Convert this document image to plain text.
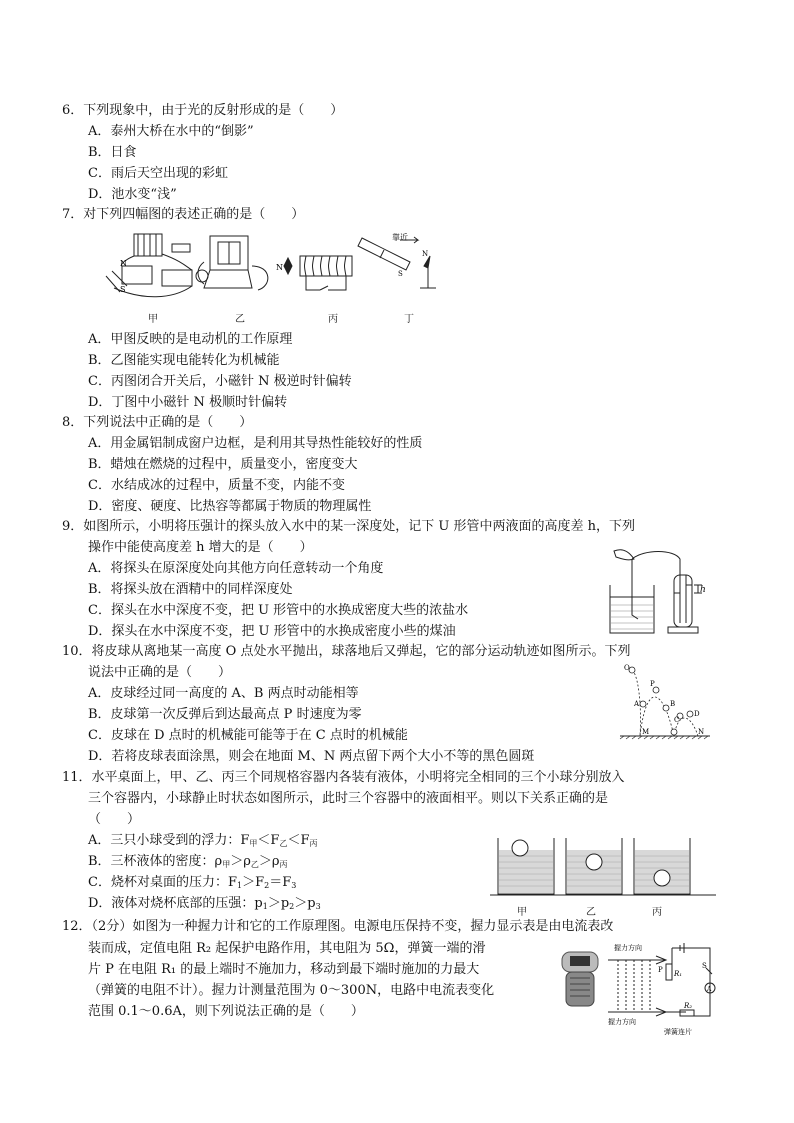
6．下列现象中，由于光的反射形成的是（　　）
A．泰州大桥在水中的“倒影”
B．日食
C．雨后天空出现的彩虹
D．池水变“浅”
7．对下列四幅图的表述正确的是（　　）
N
S
N
靠近
S
N
甲	乙	丙	丁
A．甲图反映的是电动机的工作原理
B．乙图能实现电能转化为机械能
C．丙图闭合开关后，小磁针 N 极逆时针偏转
D．丁图中小磁针 N 极顺时针偏转
8．下列说法中正确的是（　　）
A．用金属铝制成窗户边框，是利用其导热性能较好的性质
B．蜡烛在燃烧的过程中，质量变小，密度变大
C．水结成冰的过程中，质量不变，内能不变
D．密度、硬度、比热容等都属于物质的物理属性
9．如图所示，小明将压强计的探头放入水中的某一深度处，记下 U 形管中两液面的高度差 h，下列
操作中能使高度差 h 增大的是（　　）
A．将探头在原深度处向其他方向任意转动一个角度
B．将探头放在酒精中的同样深度处
C．探头在水中深度不变，把 U 形管中的水换成密度大些的浓盐水
D．探头在水中深度不变，把 U 形管中的水换成密度小些的煤油
h
10．将皮球从离地某一高度 O 点处水平抛出，球落地后又弹起，它的部分运动轨迹如图所示。下列
说法中正确的是（　　）
A．皮球经过同一高度的 A、B 两点时动能相等
B．皮球第一次反弹后到达最高点 P 时速度为零
C．皮球在 D 点时的机械能可能等于在 C 点时的机械能
D．若将皮球表面涂黑，则会在地面 M、N 两点留下两个大小不等的黑色圆斑
O
P
A	B
C
D
M	N
11．水平桌面上，甲、乙、丙三个同规格容器内各装有液体，小明将完全相同的三个小球分别放入
三个容器内，小球静止时状态如图所示，此时三个容器中的液面相平。则以下关系正确的是
（　　）
A．三只小球受到的浮力：$F_甲<F_乙<F_丙$
B．三杯液体的密度：$\rho_甲>\rho_乙>\rho_丙$
C．烧杯对桌面的压力：$F_1>F_2=F_3$
D．液体对烧杯底部的压强：$p_1>p_2>p_3$
甲	乙	丙
12．（2分）如图为一种握力计和它的工作原理图。电源电压保持不变，握力显示表是由电流表改
装而成，定值电阻 R₂ 起保护电路作用，其电阻为 5Ω，弹簧一端的滑
片 P 在电阻 R₁ 的最上端时不施加力，移动到最下端时施加的力最大
（弹簧的电阻不计）。握力计测量范围为 0～300N，电路中电流表变化
范围 0.1～0.6A，则下列说法正确的是（　　）
握力方向
握力方向
弹簧连片
P R₁
R₂
S
A
